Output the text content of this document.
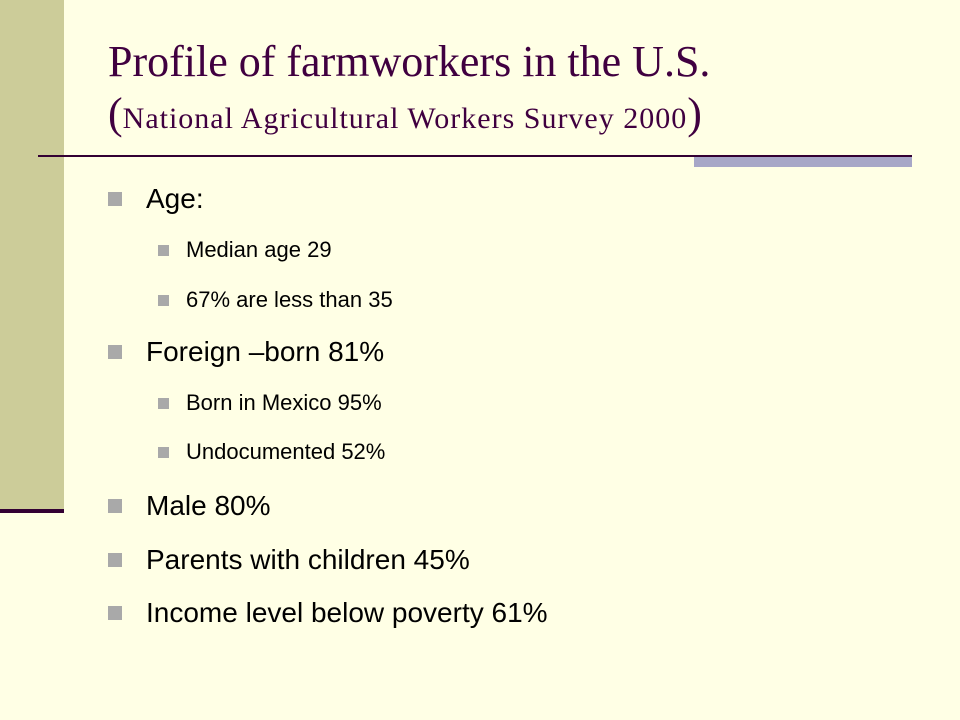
Profile of farmworkers in the U.S.
(National Agricultural Workers Survey 2000)
Age:
Median age 29
67% are less than 35
Foreign –born 81%
Born in Mexico 95%
Undocumented 52%
Male 80%
Parents with children 45%
Income level below poverty 61%
